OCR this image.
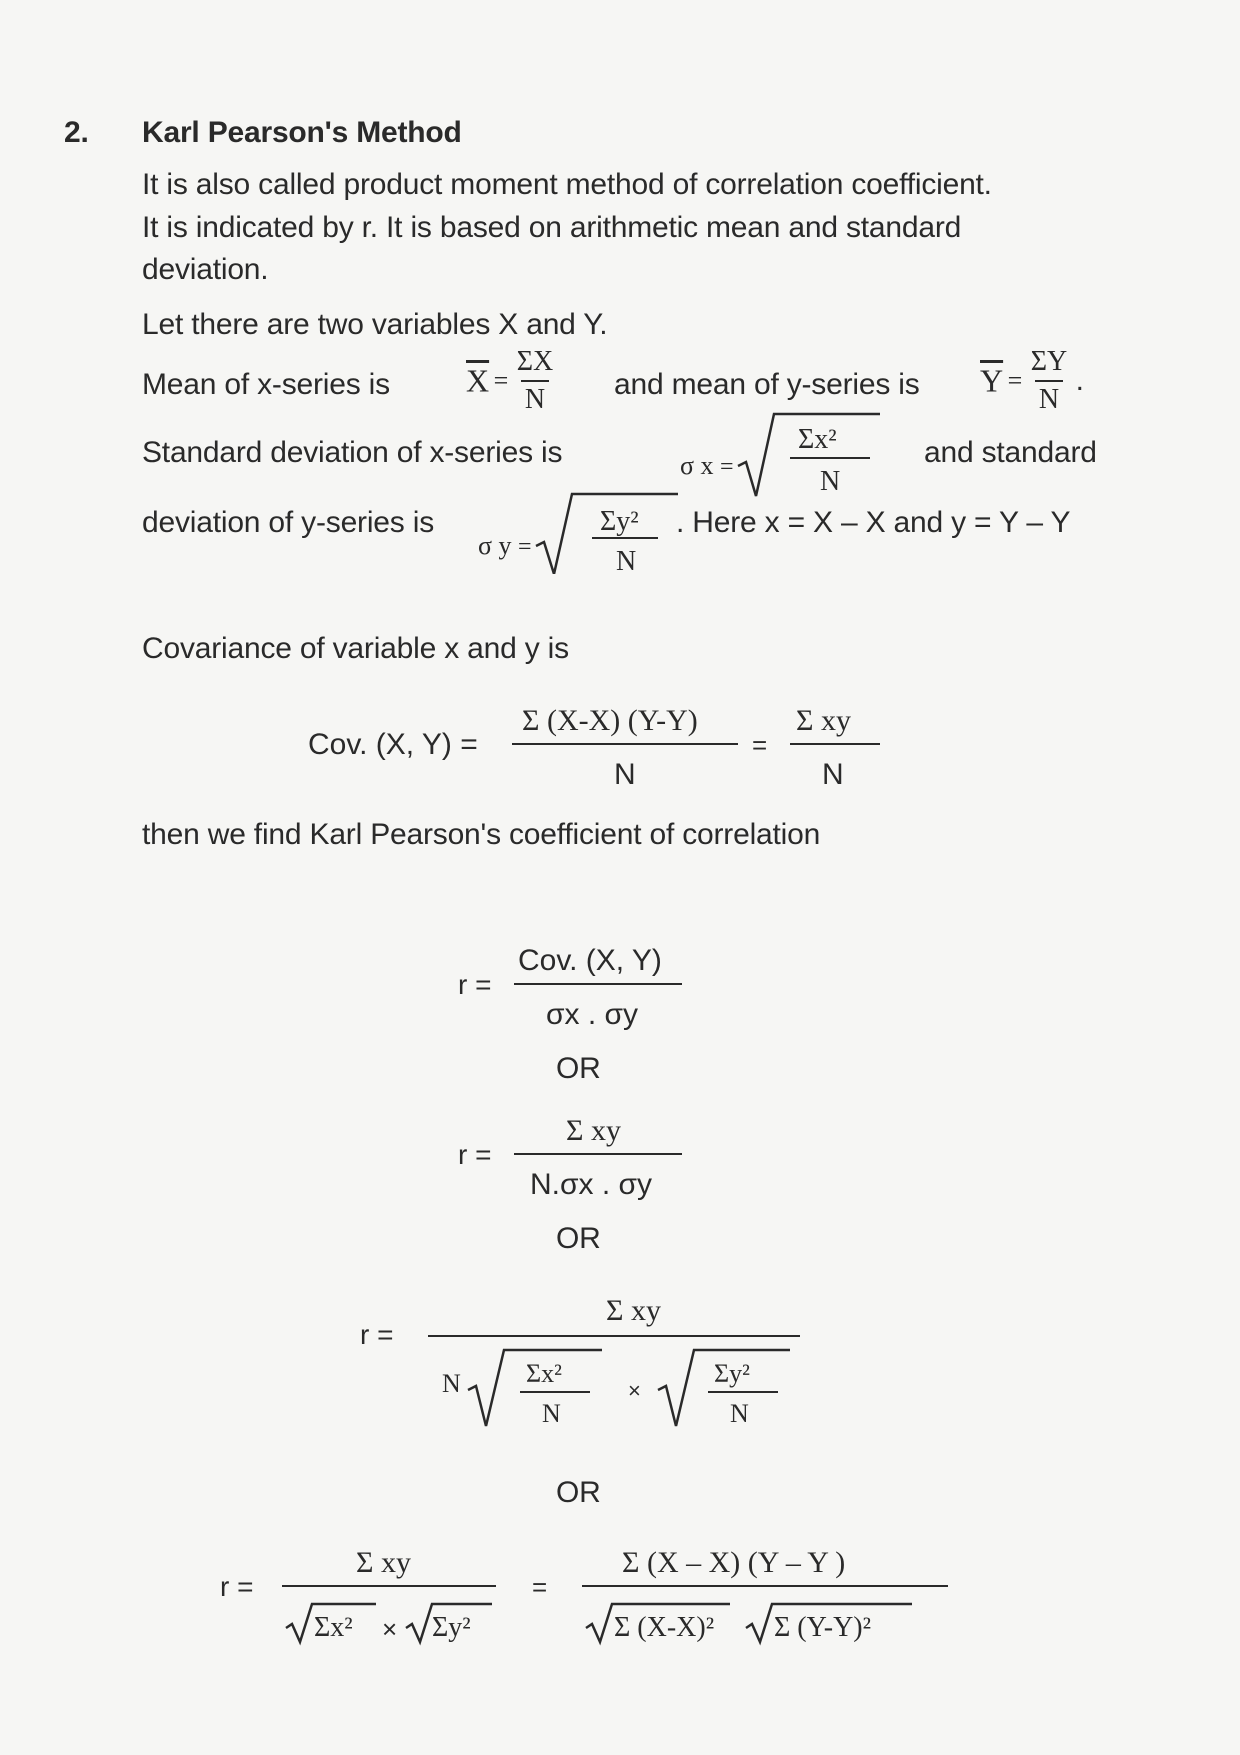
2. Karl Pearson's Method
It is also called product moment method of correlation coefficient.
It is indicated by r. It is based on arithmetic mean and standard
deviation.
Let there are two variables X and Y.
Mean of x-series is $\overline{X} = \frac{\Sigma X}{N}$ and mean of y-series is $\overline{Y} = \frac{\Sigma Y}{N}$ .
Standard deviation of x-series is	σ x =
Σx²
N
and standard
deviation of y-series is
σ y =
Σy²
N
. Here x = X – X and y = Y – Y
Covariance of variable x and y is
Cov. (X, Y) =
Σ (X-X) (Y-Y)
N
=
Σ xy
N
then we find Karl Pearson's coefficient of correlation
r =
Cov. (X, Y)
σx . σy
OR
r =
Σ xy
N.σx . σy
OR
r =
Σ xy
N	Σx²
N
×
Σy²
N
OR
r =
Σ xy
Σx² × Σy²
=
Σ (X – X) (Y – Y )
Σ (X-X)² Σ (Y-Y)²
